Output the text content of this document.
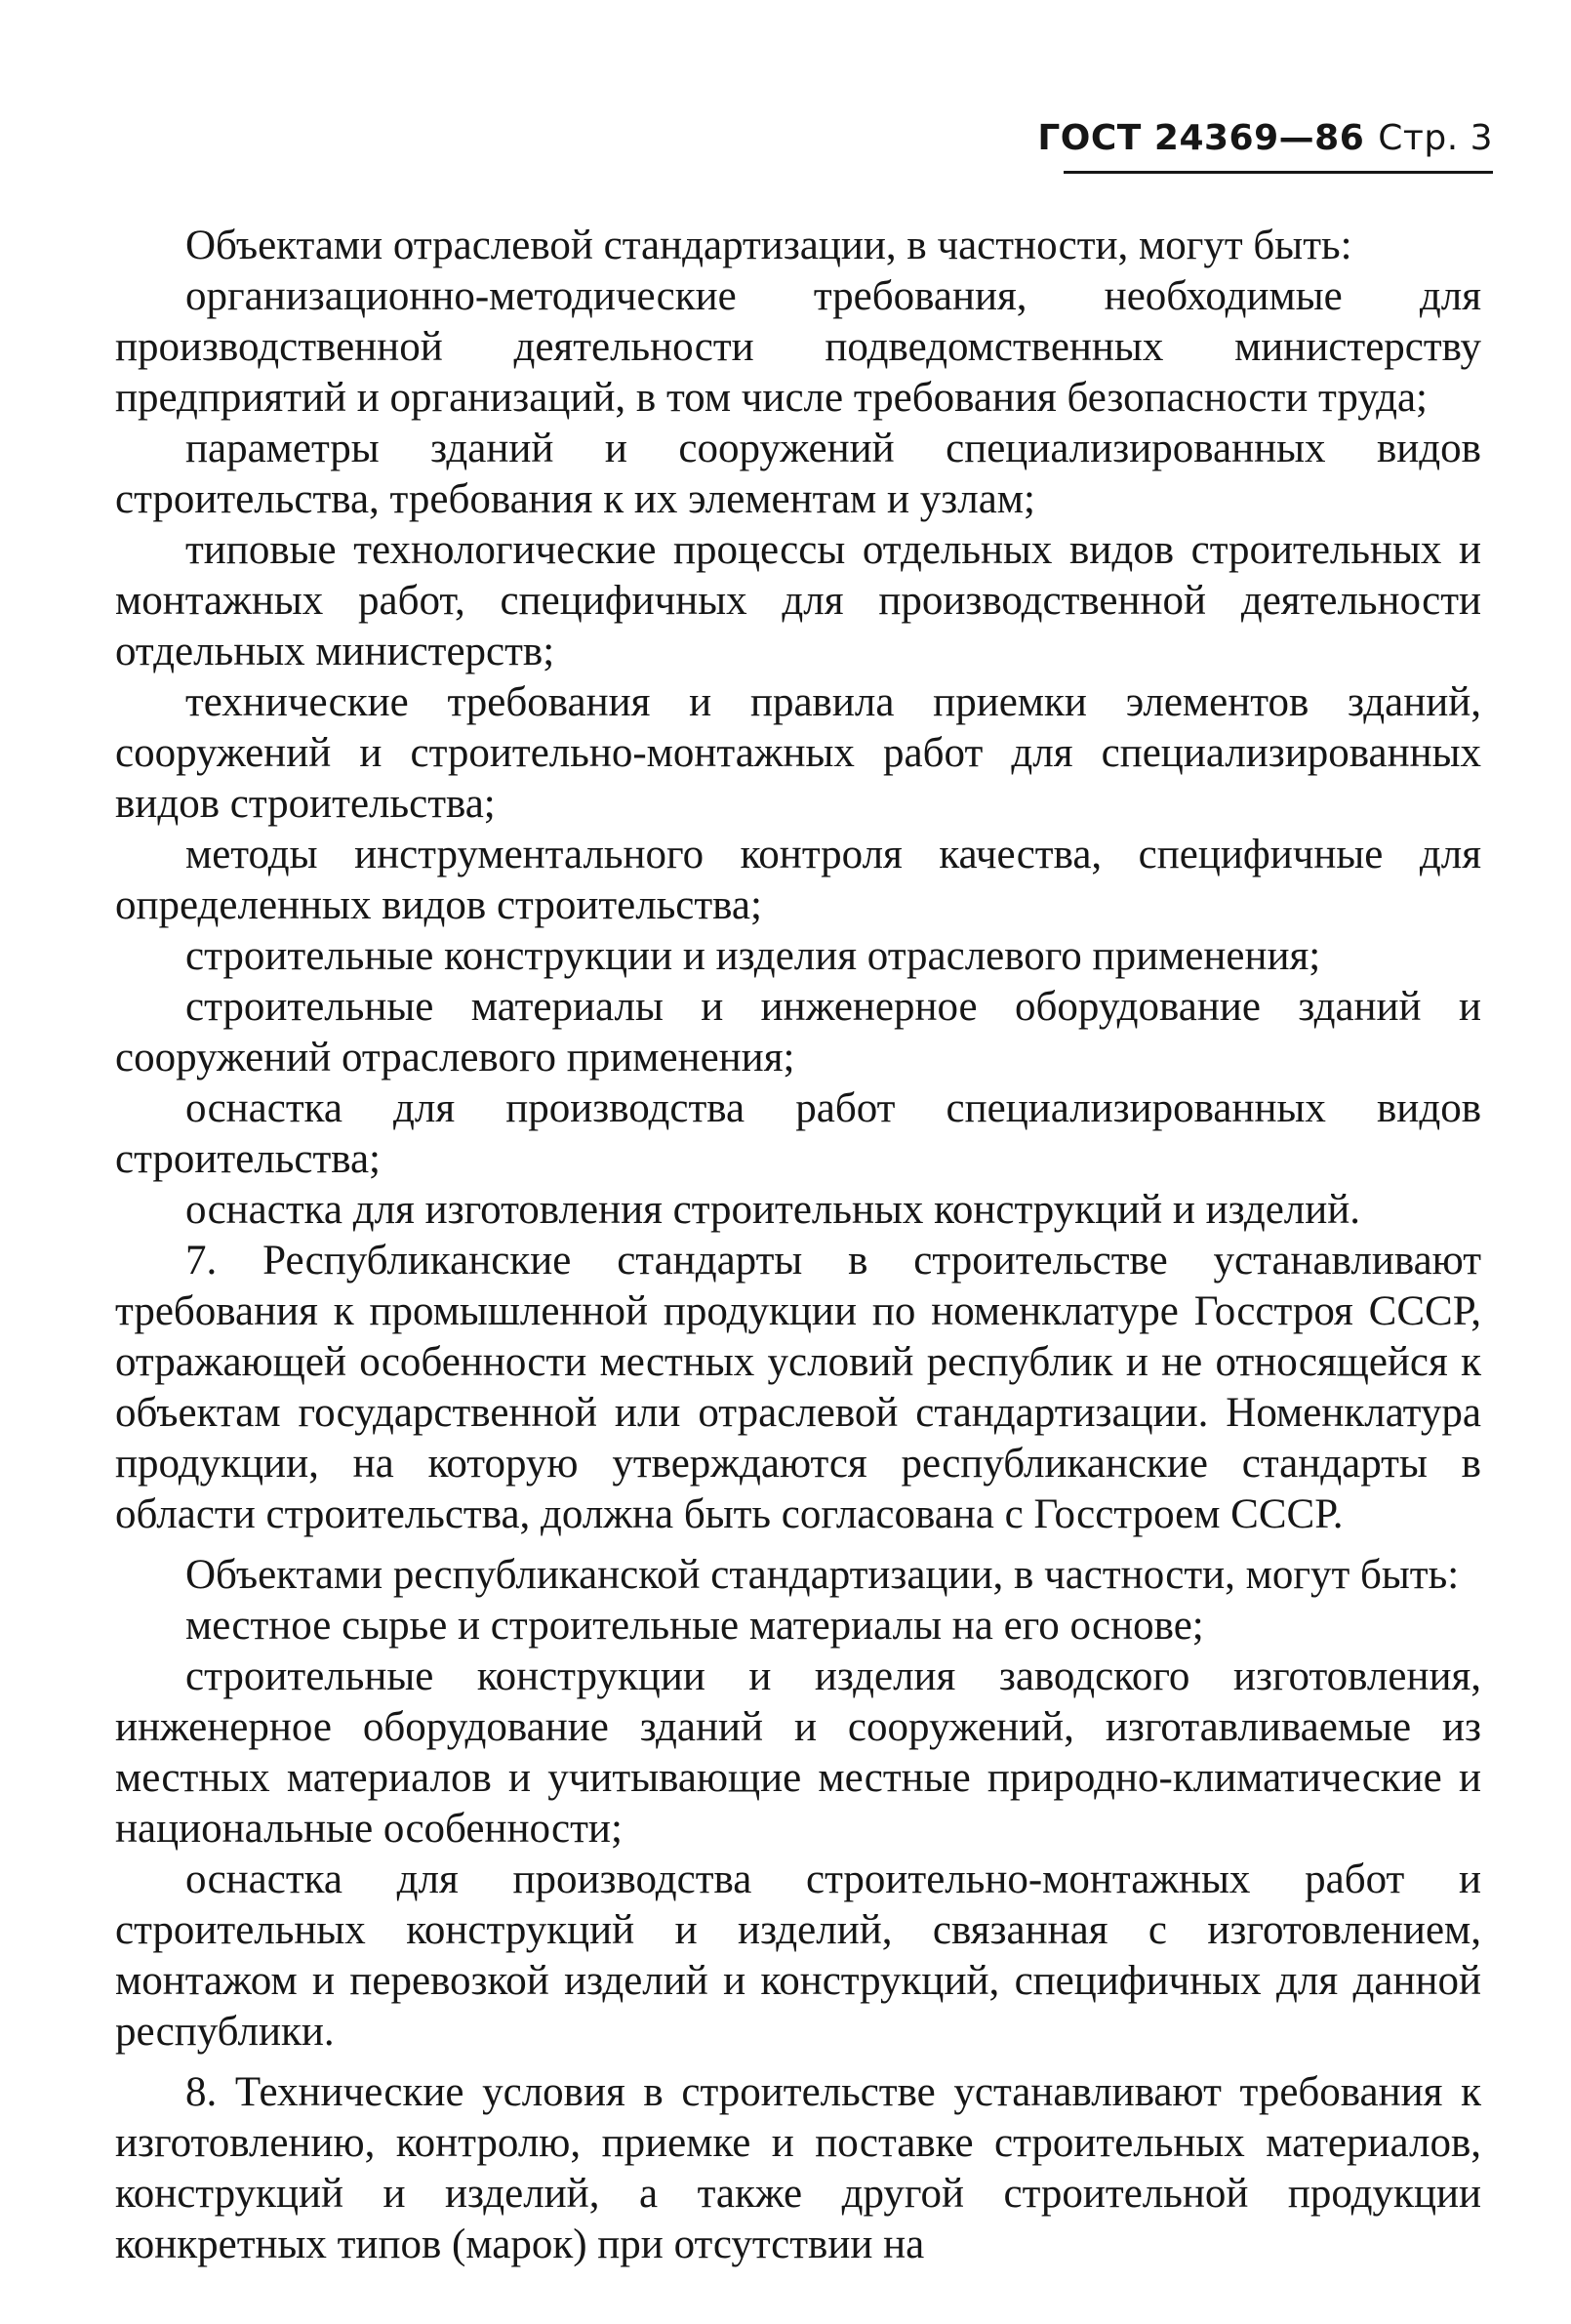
ГОСТ 24369—86 Стр. 3

Объектами отраслевой стандартизации, в частности, могут быть:

организационно-методические требования, необходимые для производственной деятельности подведомственных министерству предприятий и организаций, в том числе требования безопасности труда;

параметры зданий и сооружений специализированных видов строительства, требования к их элементам и узлам;

типовые технологические процессы отдельных видов строительных и монтажных работ, специфичных для производственной деятельности отдельных министерств;

технические требования и правила приемки элементов зданий, сооружений и строительно-монтажных работ для специализированных видов строительства;

методы инструментального контроля качества, специфичные для определенных видов строительства;

строительные конструкции и изделия отраслевого применения;

строительные материалы и инженерное оборудование зданий и сооружений отраслевого применения;

оснастка для производства работ специализированных видов строительства;

оснастка для изготовления строительных конструкций и изделий.

7. Республиканские стандарты в строительстве устанавливают требования к промышленной продукции по номенклатуре Госстроя СССР, отражающей особенности местных условий республик и не относящейся к объектам государственной или отраслевой стандартизации. Номенклатура продукции, на которую утверждаются республиканские стандарты в области строительства, должна быть согласована с Госстроем СССР.

Объектами республиканской стандартизации, в частности, могут быть:

местное сырье и строительные материалы на его основе;

строительные конструкции и изделия заводского изготовления, инженерное оборудование зданий и сооружений, изготавливаемые из местных материалов и учитывающие местные природно-климатические и национальные особенности;

оснастка для производства строительно-монтажных работ и строительных конструкций и изделий, связанная с изготовлением, монтажом и перевозкой изделий и конструкций, специфичных для данной республики.

8. Технические условия в строительстве устанавливают требования к изготовлению, контролю, приемке и поставке строительных материалов, конструкций и изделий, а также другой строительной продукции конкретных типов (марок) при отсутствии на
